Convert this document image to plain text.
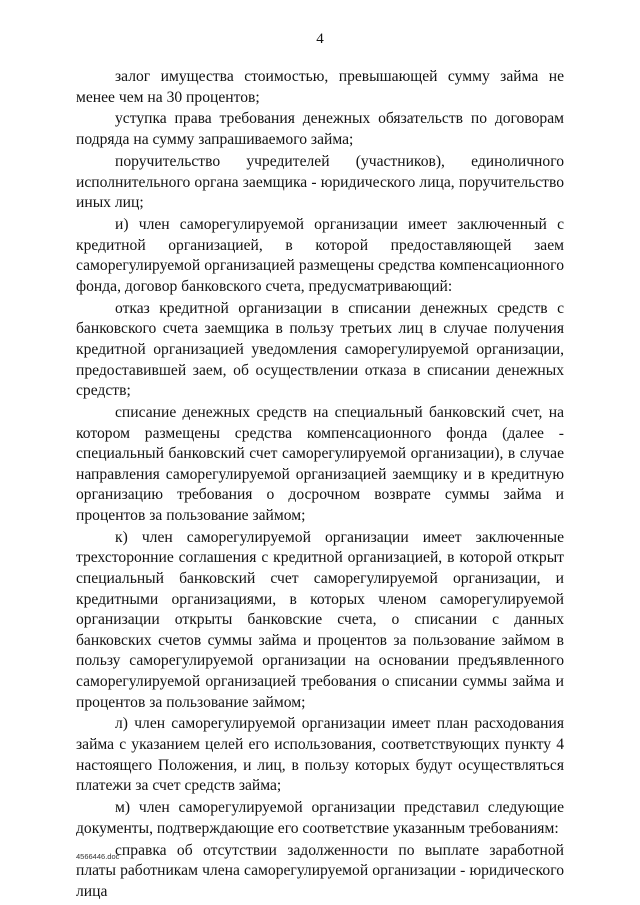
4

залог имущества стоимостью, превышающей сумму займа не менее чем на 30 процентов;

уступка права требования денежных обязательств по договорам подряда на сумму запрашиваемого займа;

поручительство учредителей (участников), единоличного исполнительного органа заемщика - юридического лица, поручительство иных лиц;

и) член саморегулируемой организации имеет заключенный с кредитной организацией, в которой предоставляющей заем саморегулируемой организацией размещены средства компенсационного фонда, договор банковского счета, предусматривающий:

отказ кредитной организации в списании денежных средств с банковского счета заемщика в пользу третьих лиц в случае получения кредитной организацией уведомления саморегулируемой организации, предоставившей заем, об осуществлении отказа в списании денежных средств;

списание денежных средств на специальный банковский счет, на котором размещены средства компенсационного фонда (далее - специальный банковский счет саморегулируемой организации), в случае направления саморегулируемой организацией заемщику и в кредитную организацию требования о досрочном возврате суммы займа и процентов за пользование займом;

к) член саморегулируемой организации имеет заключенные трехсторонние соглашения с кредитной организацией, в которой открыт специальный банковский счет саморегулируемой организации, и кредитными организациями, в которых членом саморегулируемой организации открыты банковские счета, о списании с данных банковских счетов суммы займа и процентов за пользование займом в пользу саморегулируемой организации на основании предъявленного саморегулируемой организацией требования о списании суммы займа и процентов за пользование займом;

л) член саморегулируемой организации имеет план расходования займа с указанием целей его использования, соответствующих пункту 4 настоящего Положения, и лиц, в пользу которых будут осуществляться платежи за счет средств займа;

м) член саморегулируемой организации представил следующие документы, подтверждающие его соответствие указанным требованиям:

справка об отсутствии задолженности по выплате заработной платы работникам члена саморегулируемой организации - юридического лица

4566446.doc
